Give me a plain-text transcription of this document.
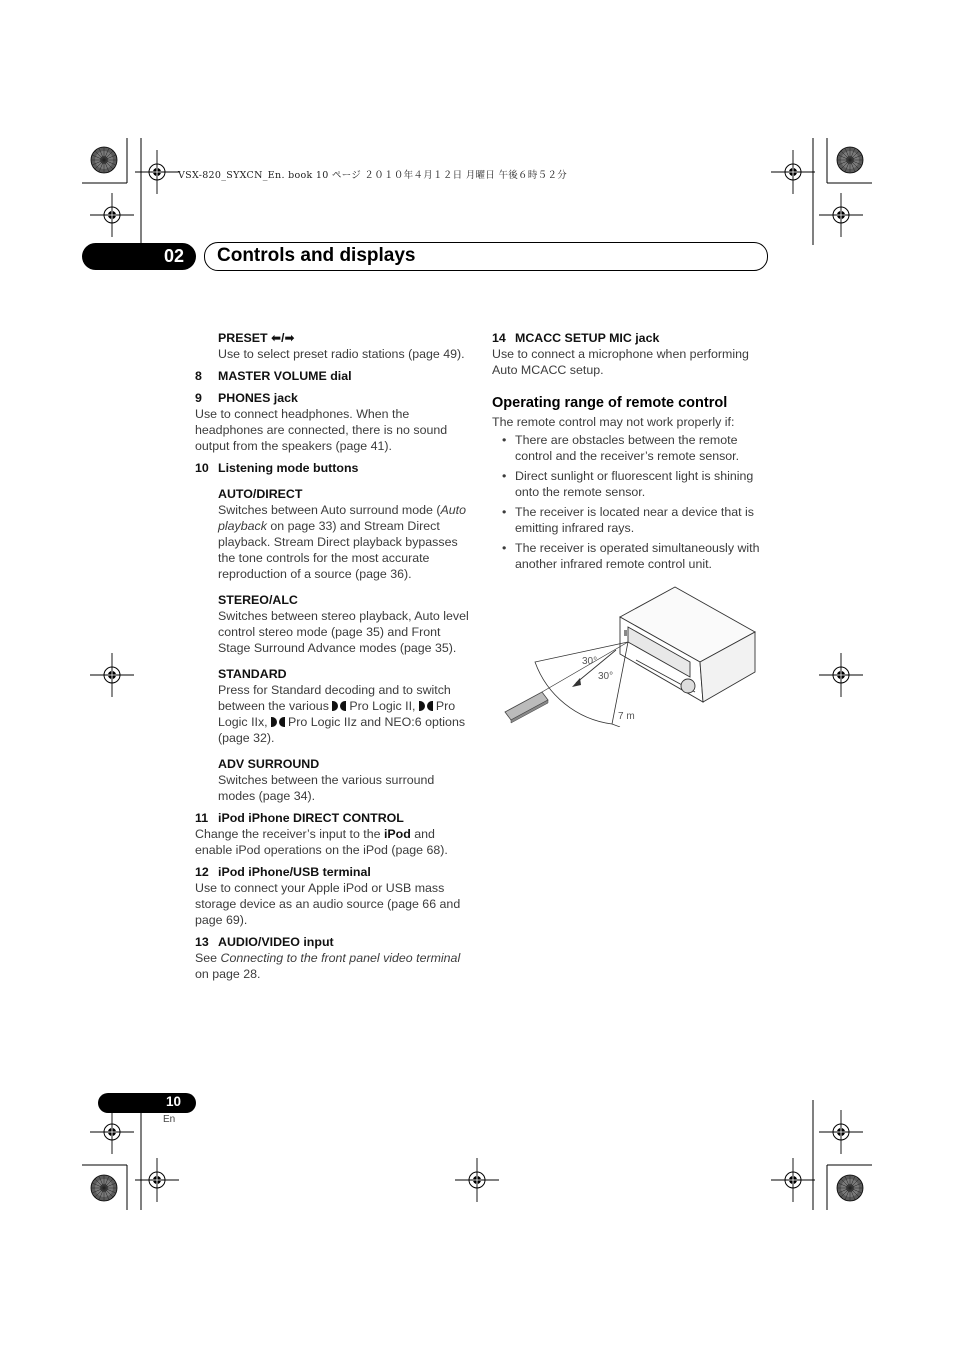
VSX-820_SYXCN_En. book 10 ページ ２０１０年４月１２日 月曜日 午後６時５２分
02 Controls and displays

PRESET ⬅/➡

Use to select preset radio stations (page 49).

8 MASTER VOLUME dial

9 PHONES jack

Use to connect headphones. When the headphones are connected, there is no sound output from the speakers (page 41).

10 Listening mode buttons

AUTO/DIRECT

Switches between Auto surround mode (Auto playback on page 33) and Stream Direct playback. Stream Direct playback bypasses the tone controls for the most accurate reproduction of a source (page 36).

STEREO/ALC

Switches between stereo playback, Auto level control stereo mode (page 35) and Front Stage Surround Advance modes (page 35).

STANDARD

Press for Standard decoding and to switch between the various
Pro Logic II,
Pro Logic IIx,
Pro Logic IIz and NEO:6 options (page 32).

ADV SURROUND

Switches between the various surround modes (page 34).

11 iPod iPhone DIRECT CONTROL

Change the receiver’s input to the iPod and enable iPod operations on the iPod (page 68).

12 iPod iPhone/USB terminal

Use to connect your Apple iPod or USB mass storage device as an audio source (page 66 and page 69).

13 AUDIO/VIDEO input

See Connecting to the front panel video terminal on page 28.

14 MCACC SETUP MIC jack

Use to connect a microphone when performing Auto MCACC setup.

Operating range of remote control

The remote control may not work properly if:

• There are obstacles between the remote control and the receiver’s remote sensor.
• Direct sunlight or fluorescent light is shining onto the remote sensor.
• The receiver is located near a device that is emitting infrared rays.
• The receiver is operated simultaneously with another infrared remote control unit.
30°
30°
7 m
10
En
